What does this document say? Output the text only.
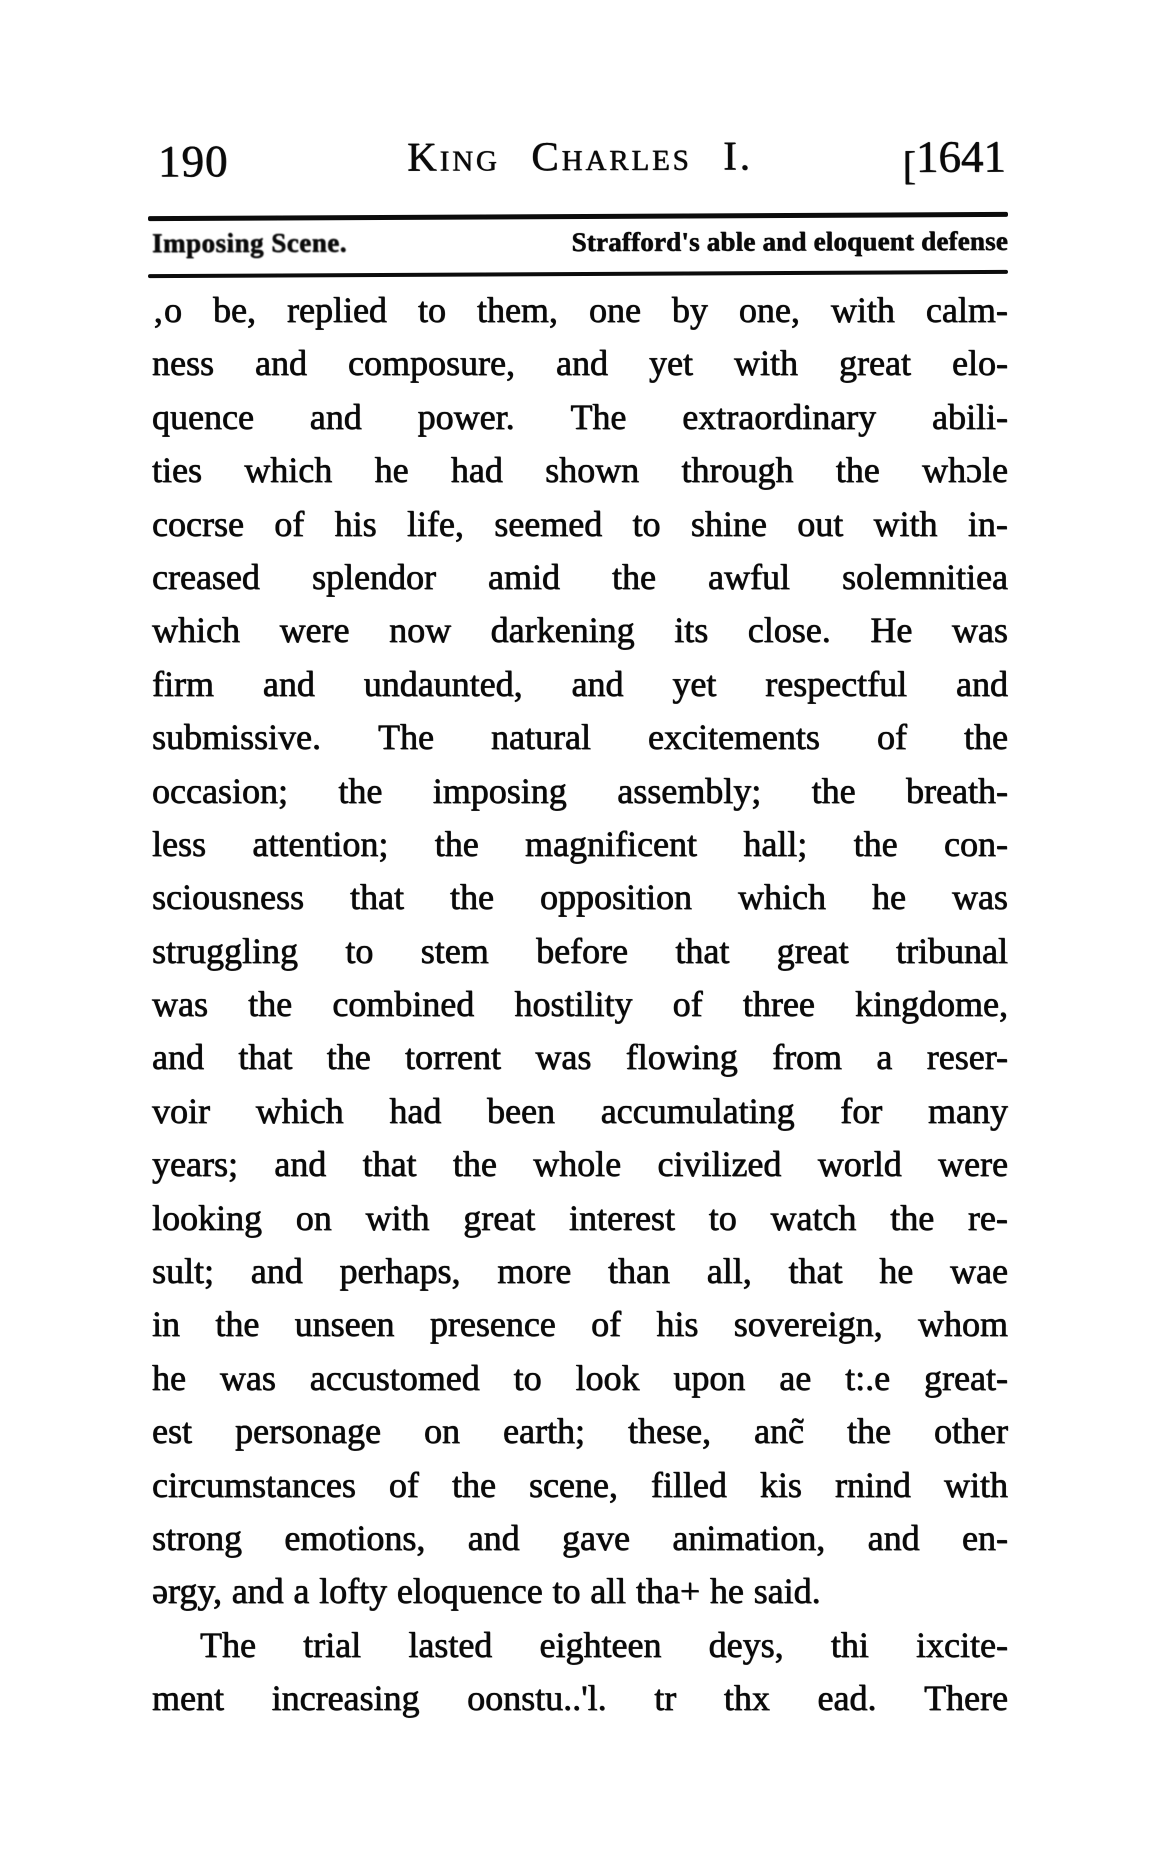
190	King Charles I.	[1641
Imposing Scene.	Strafford's able and eloquent defense
‚o be, replied to them, one by one, with calm-
ness and composure, and yet with great elo-
quence and power. The extraordinary abili-
ties which he had shown through the whɔle
cocrse of his life, seemed to shine out with in-
creased splendor amid the awful solemnitiea
which were now darkening its close. He was
firm and undaunted, and yet respectful and
submissive. The natural excitements of the
occasion; the imposing assembly; the breath-
less attention; the magnificent hall; the con-
sciousness that the opposition which he was
struggling to stem before that great tribunal
was the combined hostility of three kingdome,
and that the torrent was flowing from a reser-
voir which had been accumulating for many
years; and that the whole civilized world were
looking on with great interest to watch the re-
sult; and perhaps, more than all, that he wae
in the unseen presence of his sovereign, whom
he was accustomed to look upon ae t:.e great-
est personage on earth; these, anc̃ the other
circumstances of the scene, filled kis rnind with
strong emotions, and gave animation, and en-
ǝrgy, and a lofty eloquence to all tha+ he said.
The trial lasted eighteen deys, thi ixcite-
ment increasing oonstu..'l. tr thx ead. There
